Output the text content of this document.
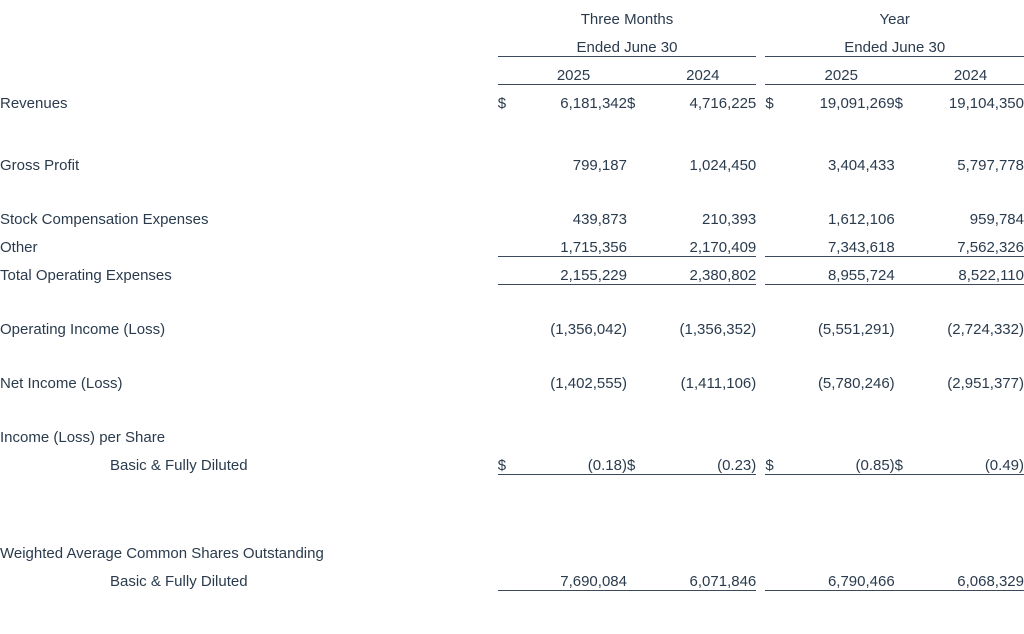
	Three Months					Year			
	Ended June 30					Ended June 30			
		2025		2024			2025		2024
Revenues	$	6,181,342	$	4,716,225		$	19,091,269	$	19,104,350

Gross Profit		799,187		1,024,450			3,404,433		5,797,778

Stock Compensation Expenses		439,873		210,393			1,612,106		959,784
Other		1,715,356		2,170,409			7,343,618		7,562,326
Total Operating Expenses		2,155,229		2,380,802			8,955,724		8,522,110

Operating Income (Loss)		(1,356,042)		(1,356,352)			(5,551,291)		(2,724,332)

Net Income (Loss)		(1,402,555)		(1,411,106)			(5,780,246)		(2,951,377)

Income (Loss) per Share									
Basic & Fully Diluted	$	(0.18)	$	(0.23)		$	(0.85)	$	(0.49)

Weighted Average Common Shares Outstanding									
Basic & Fully Diluted		7,690,084		6,071,846			6,790,466		6,068,329
